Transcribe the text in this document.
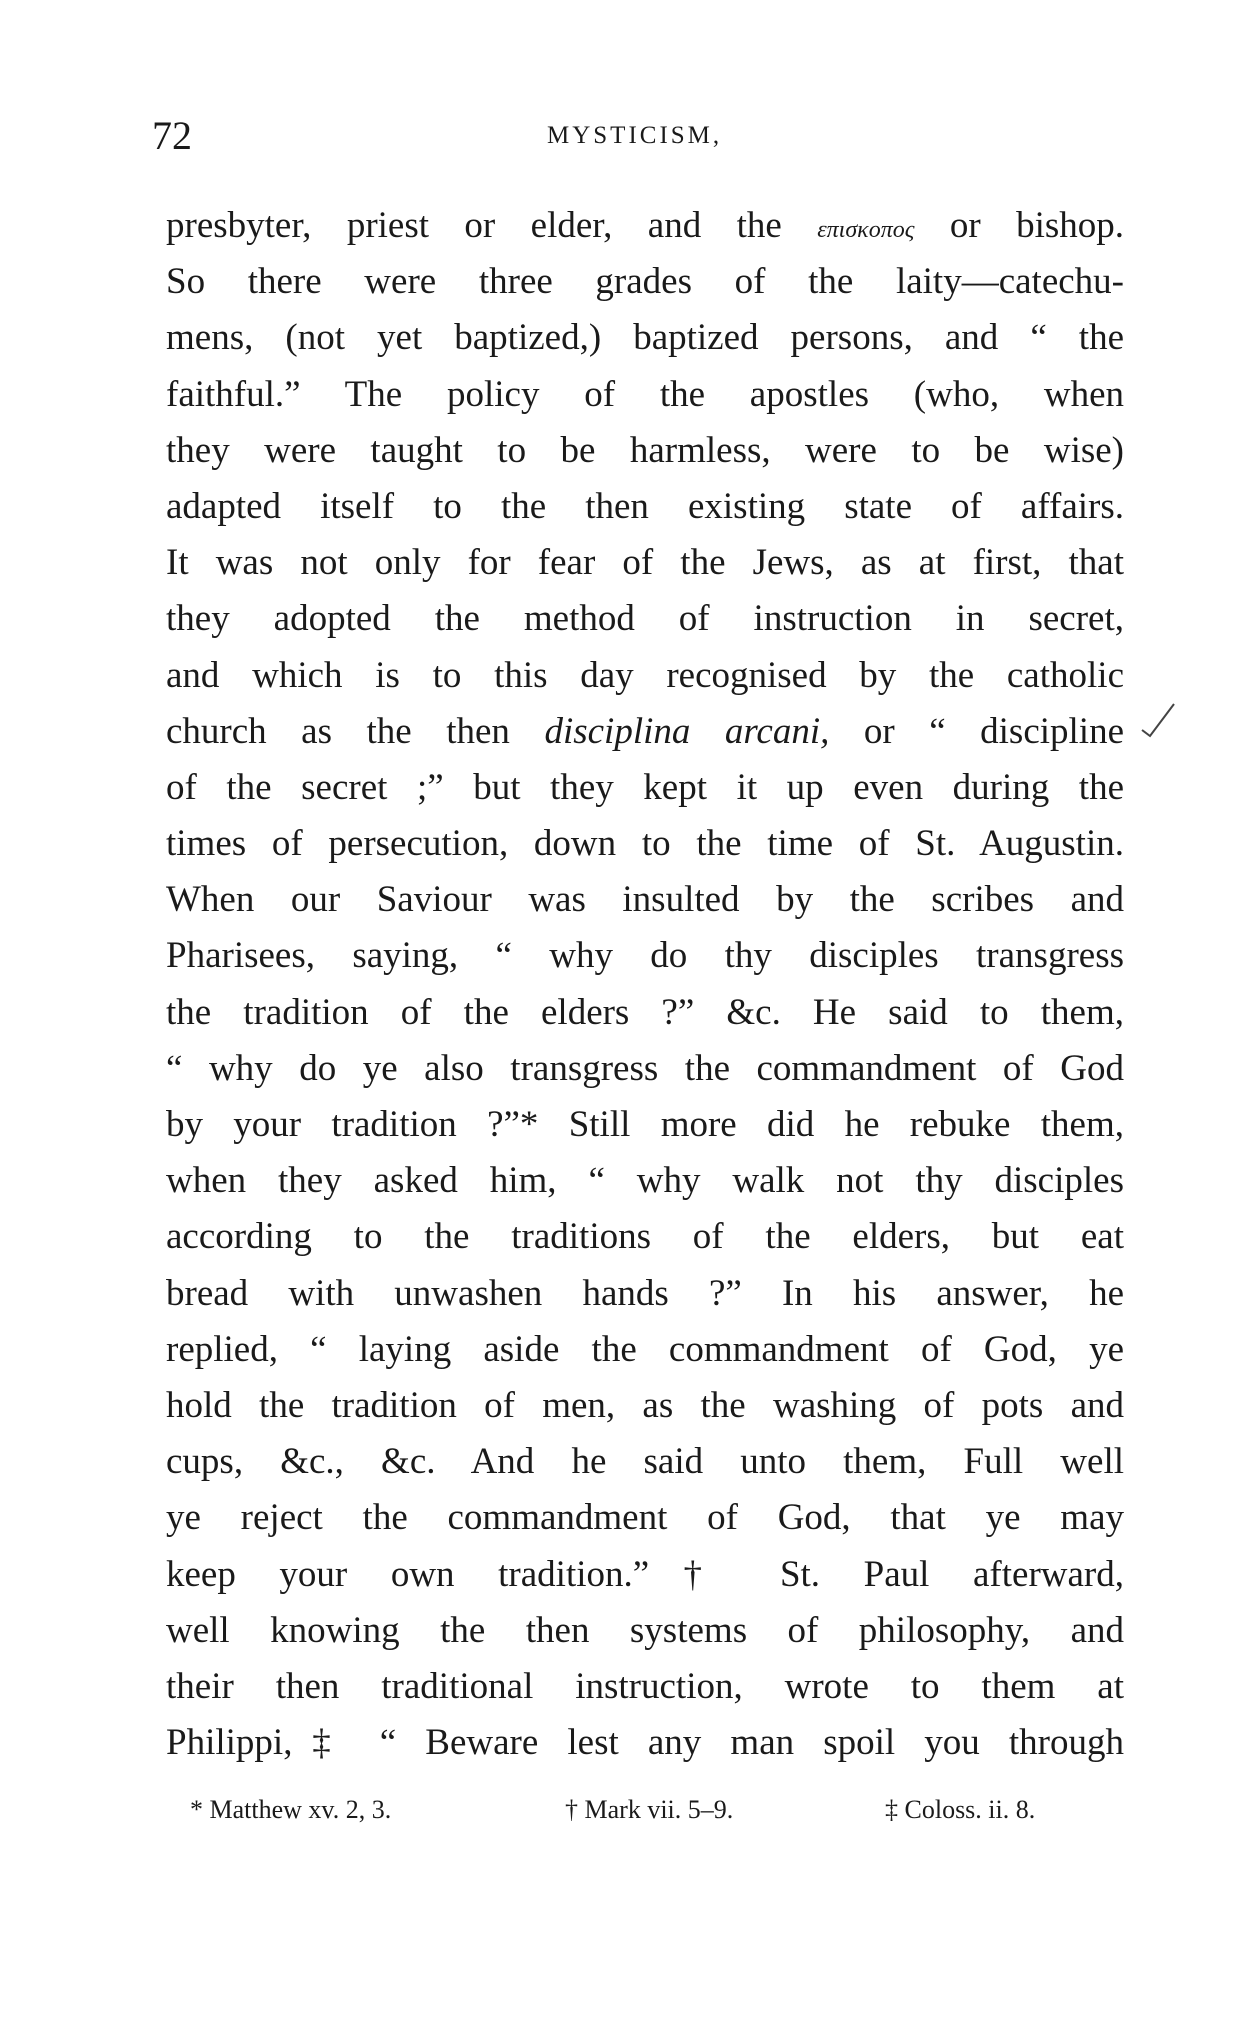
72	MYSTICISM,
presbyter, priest or elder, and the επισκοπος or bishop.
So there were three grades of the laity—catechu-
mens, (not yet baptized,) baptized persons, and “ the
faithful.” The policy of the apostles (who, when
they were taught to be harmless, were to be wise)
adapted itself to the then existing state of affairs.
It was not only for fear of the Jews, as at first, that
they adopted the method of instruction in secret,
and which is to this day recognised by the catholic
church as the then disciplina arcani, or “ discipline
of the secret ;” but they kept it up even during the
times of persecution, down to the time of St. Augustin.
When our Saviour was insulted by the scribes and
Pharisees, saying, “ why do thy disciples transgress
the tradition of the elders ?” &c. He said to them,
“ why do ye also transgress the commandment of God
by your tradition ?”* Still more did he rebuke them,
when they asked him, “ why walk not thy disciples
according to the traditions of the elders, but eat
bread with unwashen hands ?” In his answer, he
replied, “ laying aside the commandment of God, ye
hold the tradition of men, as the washing of pots and
cups, &c., &c. And he said unto them, Full well
ye reject the commandment of God, that ye may
keep your own tradition.”† St. Paul afterward,
well knowing the then systems of philosophy, and
their then traditional instruction, wrote to them at
Philippi,‡ “ Beware lest any man spoil you through
* Matthew xv. 2, 3.	† Mark vii. 5–9.	‡ Coloss. ii. 8.
